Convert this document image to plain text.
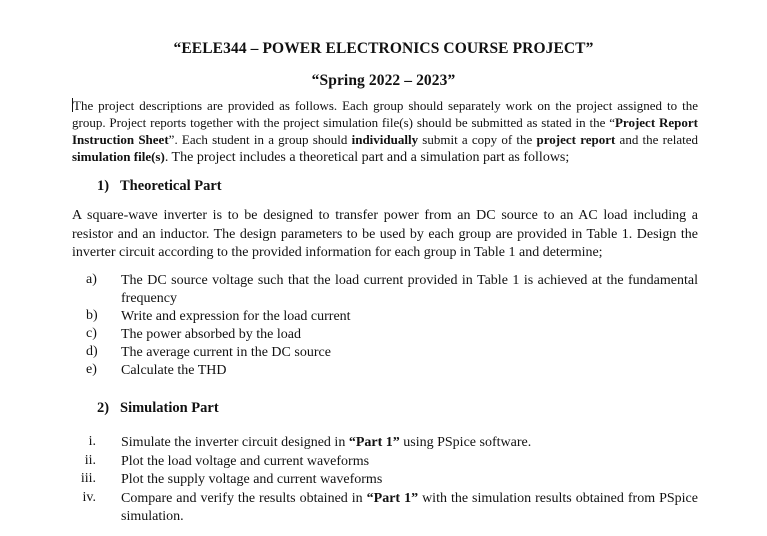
“EELE344 – POWER ELECTRONICS COURSE PROJECT”
“Spring 2022 – 2023”
The project descriptions are provided as follows. Each group should separately work on the project assigned to the group. Project reports together with the project simulation file(s) should be submitted as stated in the “Project Report Instruction Sheet”. Each student in a group should individually submit a copy of the project report and the related simulation file(s). The project includes a theoretical part and a simulation part as follows;
1) Theoretical Part
A square-wave inverter is to be designed to transfer power from an DC source to an AC load including a resistor and an inductor. The design parameters to be used by each group are provided in Table 1. Design the inverter circuit according to the provided information for each group in Table 1 and determine;
a)	The DC source voltage such that the load current provided in Table 1 is achieved at the fundamental frequency
b)	Write and expression for the load current
c)	The power absorbed by the load
d)	The average current in the DC source
e)	Calculate the THD
2) Simulation Part
i. Simulate the inverter circuit designed in “Part 1” using PSpice software.
ii. Plot the load voltage and current waveforms
iii. Plot the supply voltage and current waveforms
iv. Compare and verify the results obtained in “Part 1” with the simulation results obtained from PSpice simulation.
